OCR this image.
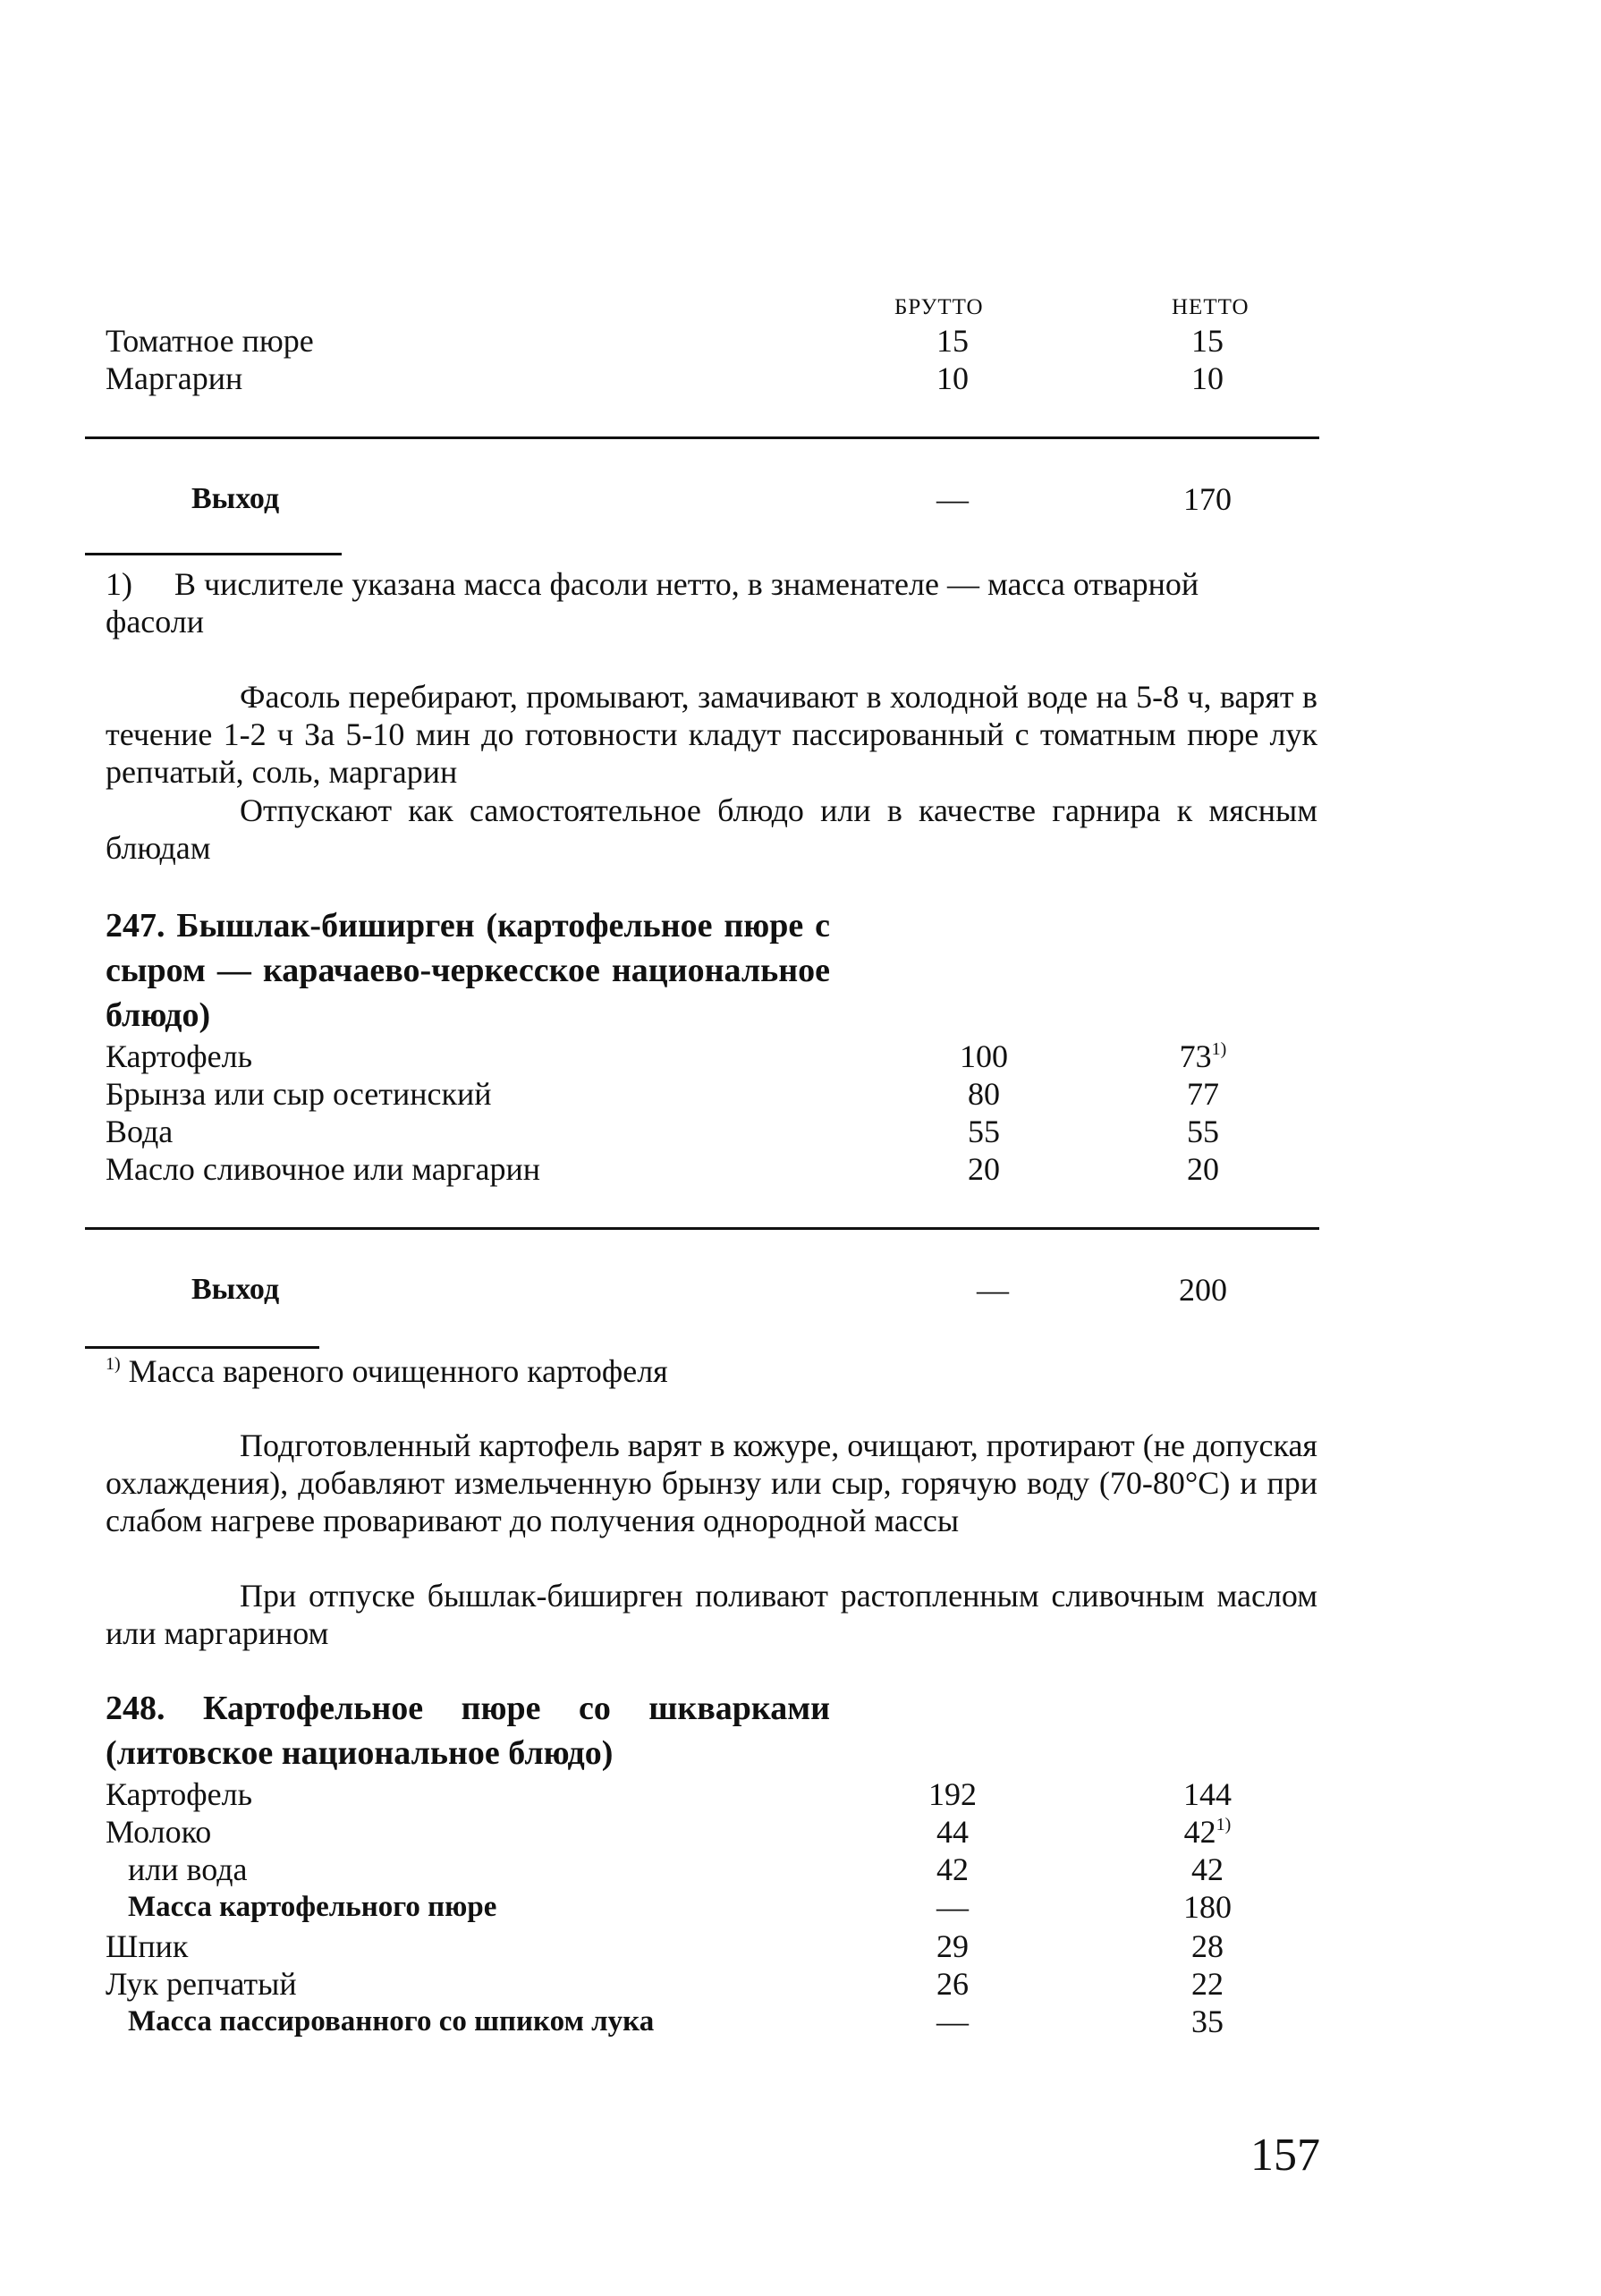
БРУТТО	НЕТТО
Томатное пюре	15	15
Маргарин	10	10
Выход	—	170
1) В числителе указана масса фасоли нетто, в знаменателе — масса отварной
фасоли
Фасоль перебирают, промывают, замачивают в холодной воде на 5-8 ч, варят в течение 1-2 ч За 5-10 мин до готовности кладут пассированный с томатным пюре лук репчатый, соль, маргарин
Отпускают как самостоятельное блюдо или в качестве гарнира к мясным блюдам
247. Бышлак-биширген (картофельное пюре с сыром — карачаево-черкесское национальное блюдо)
Картофель	100	73$^{1)}$
Брынза или сыр осетинский	80	77
Вода	55	55
Масло сливочное или маргарин	20	20
Выход	—	200
$^{1)}$ Масса вареного очищенного картофеля
Подготовленный картофель варят в кожуре, очищают, протирают (не допуская охлаждения), добавляют измельченную брынзу или сыр, горячую воду (70-80°С) и при слабом нагреве проваривают до получения однородной массы
При отпуске бышлак-биширген поливают растопленным сливочным маслом или маргарином
248. Картофельное пюре со шкварками (литовское национальное блюдо)
Картофель	192	144
Молоко	44	42$^{1)}$
или вода	42	42
Масса картофельного пюре	—	180
Шпик	29	28
Лук репчатый	26	22
Масса пассированного со шпиком лука	—	35
157
